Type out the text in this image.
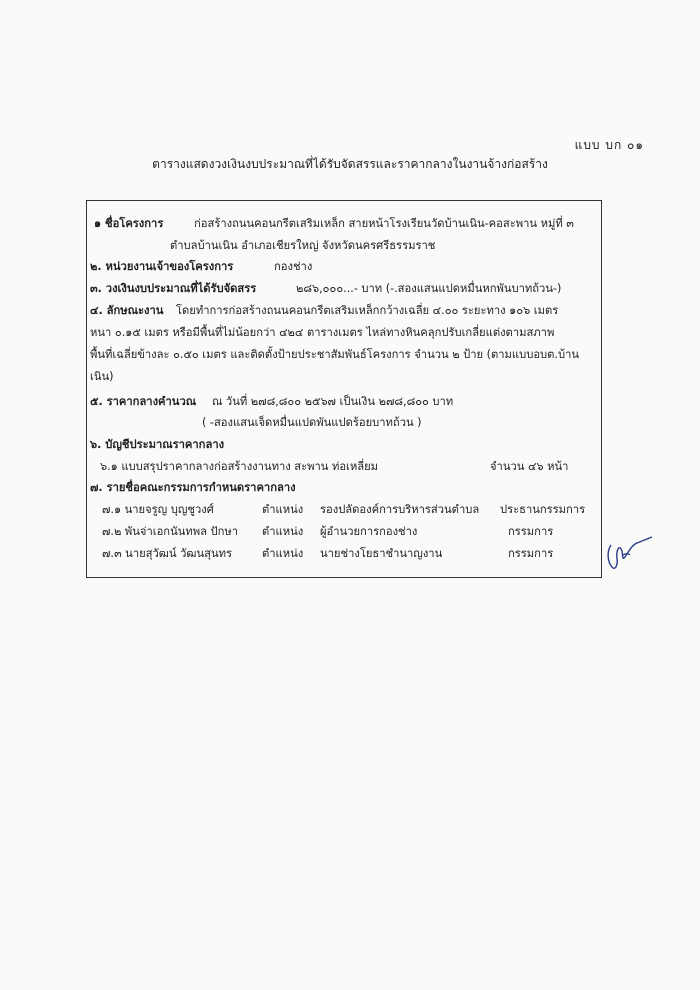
แบบ บก ๐๑
ตารางแสดงวงเงินงบประมาณที่ได้รับจัดสรรและราคากลางในงานจ้างก่อสร้าง
๑ ชื่อโครงการ	ก่อสร้างถนนคอนกรีตเสริมเหล็ก สายหน้าโรงเรียนวัดบ้านเนิน-คอสะพาน หมู่ที่ ๓
ตำบลบ้านเนิน อำเภอเชียรใหญ่ จังหวัดนครศรีธรรมราช
๒. หน่วยงานเจ้าของโครงการ	กองช่าง
๓. วงเงินงบประมาณที่ได้รับจัดสรร	๒๘๖,๐๐๐...- บาท (-.สองแสนแปดหมื่นหกพันบาทถ้วน-)
๔. ลักษณะงาน โดยทำการก่อสร้างถนนคอนกรีตเสริมเหล็กกว้างเฉลี่ย ๔.๐๐ ระยะทาง ๑๐๖ เมตร
หนา ๐.๑๕ เมตร หรือมีพื้นที่ไม่น้อยกว่า ๔๒๔ ตารางเมตร ไหล่ทางหินคลุกปรับเกลี่ยแต่งตามสภาพ
พื้นที่เฉลี่ยข้างละ ๐.๕๐ เมตร และติดตั้งป้ายประชาสัมพันธ์โครงการ จำนวน ๒ ป้าย (ตามแบบอบต.บ้าน
เนิน)
๕. ราคากลางคำนวณ ณ วันที่ ๒๗๘,๘๐๐ ๒๕๖๗ เป็นเงิน ๒๗๘,๘๐๐ บาท
( -สองแสนเจ็ดหมื่นแปดพันแปดร้อยบาทถ้วน )
๖. บัญชีประมาณราคากลาง
๖.๑ แบบสรุปราคากลางก่อสร้างงานทาง สะพาน ท่อเหลี่ยม	จำนวน ๔๖ หน้า
๗. รายชื่อคณะกรรมการกำหนดราคากลาง
๗.๑ นายจรูญ บุญชูวงศ์	ตำแหน่ง รองปลัดองค์การบริหารส่วนตำบล ประธานกรรมการ
๗.๒ พันจ่าเอกนันทพล ปักษา ตำแหน่ง ผู้อำนวยการกองช่าง	กรรมการ
๗.๓ นายสุวัฒน์ วัฒนสุนทร	ตำแหน่ง นายช่างโยธาชำนาญงาน	กรรมการ
